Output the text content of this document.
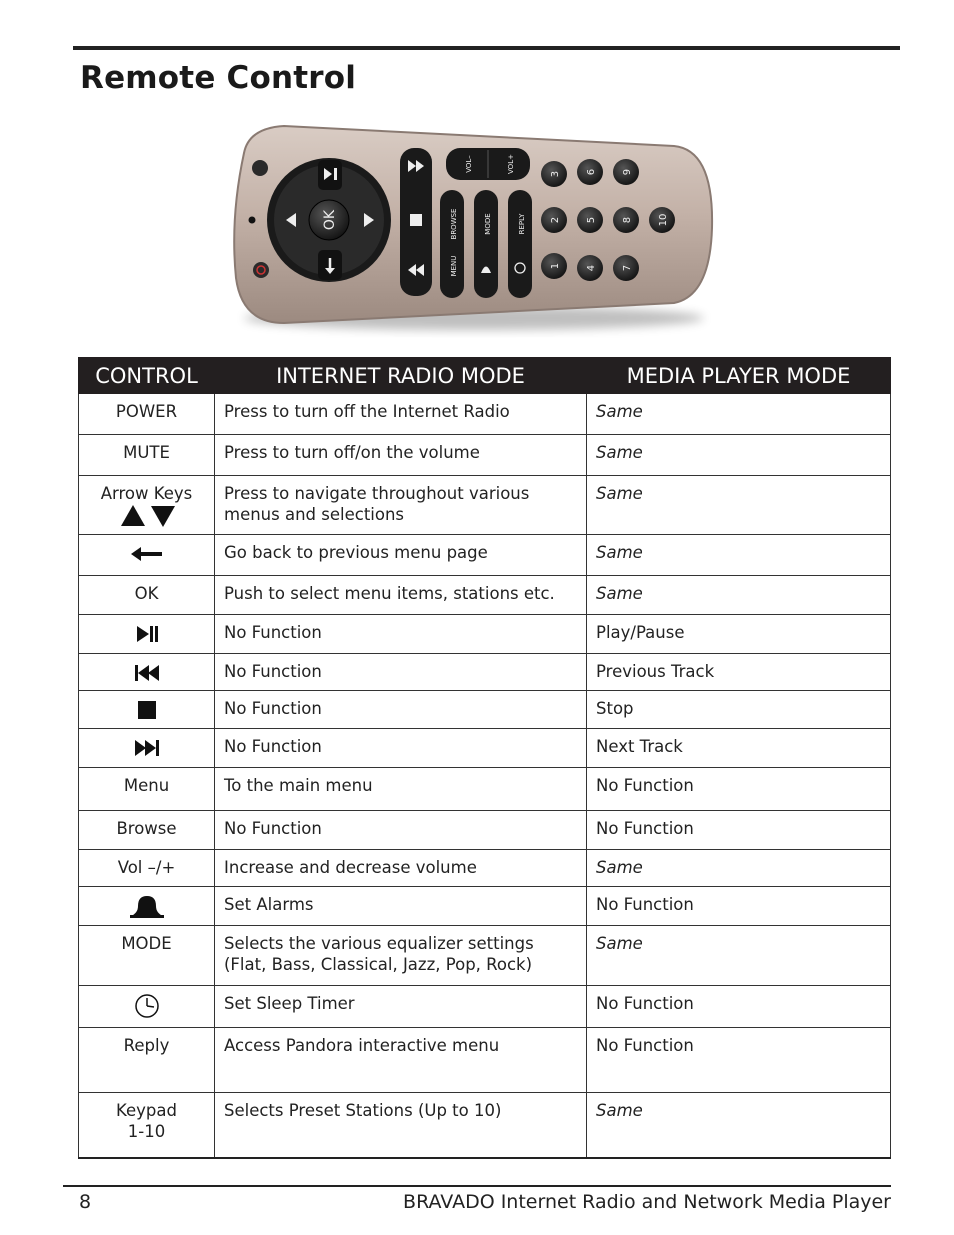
Remote Control
OK
VOL–	VOL+
BROWSE	MODE	REPLY
MENU
3	6	9
2	5	8	10
1	4	7
CONTROL	INTERNET RADIO MODE	MEDIA PLAYER MODE
POWER	Press to turn off the Internet Radio	Same
MUTE	Press to turn off/on the volume	Same

Arrow Keys	Press to navigate throughout various menus and selections	Same
	Go back to previous menu page	Same
OK	Push to select menu items, stations etc.	Same
	No Function	Play/Pause
	No Function	Previous Track
	No Function	Stop
	No Function	Next Track
Menu	To the main menu	No Function
Browse	No Function	No Function
Vol –/+	Increase and decrease volume	Same
	Set Alarms	No Function
MODE	Selects the various equalizer settings (Flat, Bass, Classical, Jazz, Pop, Rock)	Same
	Set Sleep Timer	No Function
Reply	Access Pandora interactive menu	No Function

Keypad
1-10	Selects Preset Stations (Up to 10)	Same
8	BRAVADO Internet Radio and Network Media Player
